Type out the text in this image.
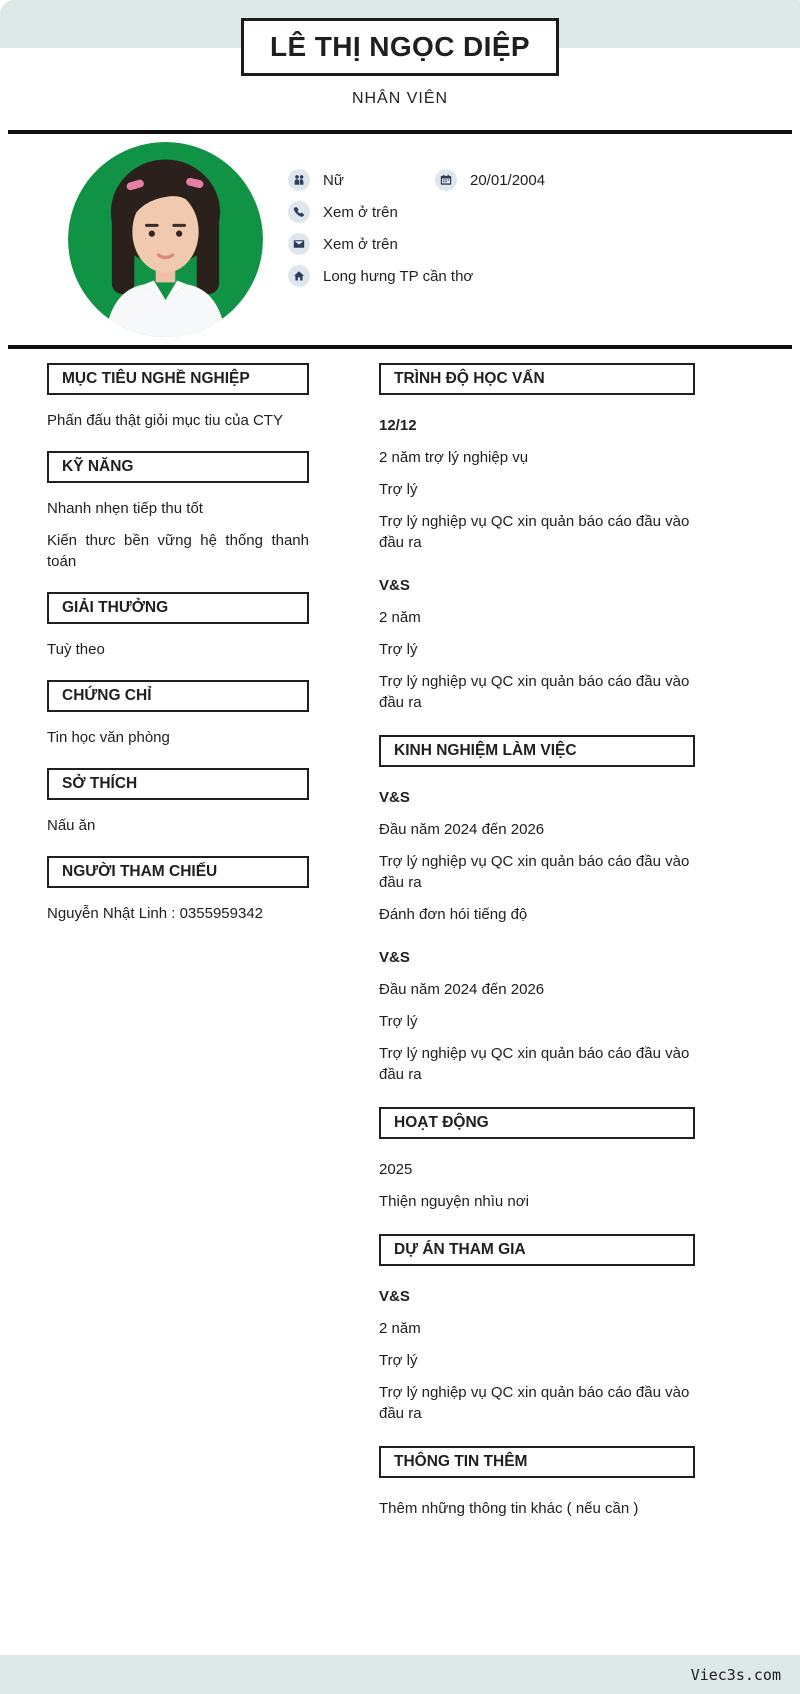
LÊ THỊ NGỌC DIỆP
NHÂN VIÊN
Nữ	20/01/2004
Xem ở trên
Xem ở trên
Long hưng TP cần thơ
MỤC TIÊU NGHỀ NGHIỆP

Phấn đấu thật giỏi mục tiu của CTY

KỸ NĂNG

Nhanh nhẹn tiếp thu tốt

Kiến thưc bền vững hệ thống thanh toán

GIẢI THƯỞNG

Tuỳ theo

CHỨNG CHỈ

Tin học văn phòng

SỞ THÍCH

Nấu ăn

NGƯỜI THAM CHIẾU

Nguyễn Nhật Linh : 0355959342

TRÌNH ĐỘ HỌC VẤN

12/12

2 năm trợ lý nghiệp vụ

Trợ lý

Trợ lý nghiệp vụ QC xin quản báo cáo đầu vào đầu ra

V&S

2 năm

Trợ lý

Trợ lý nghiệp vụ QC xin quản báo cáo đầu vào đầu ra

KINH NGHIỆM LÀM VIỆC

V&S

Đầu năm 2024 đến 2026

Trợ lý nghiệp vụ QC xin quản báo cáo đầu vào đầu ra

Đánh đơn hói tiếng độ

V&S

Đầu năm 2024 đến 2026

Trợ lý

Trợ lý nghiệp vụ QC xin quản báo cáo đầu vào đầu ra

HOẠT ĐỘNG

2025

Thiện nguyện nhìu nơi

DỰ ÁN THAM GIA

V&S

2 năm

Trợ lý

Trợ lý nghiệp vụ QC xin quản báo cáo đầu vào đầu ra

THÔNG TIN THÊM

Thêm những thông tin khác ( nếu cần )

Viec3s.com
